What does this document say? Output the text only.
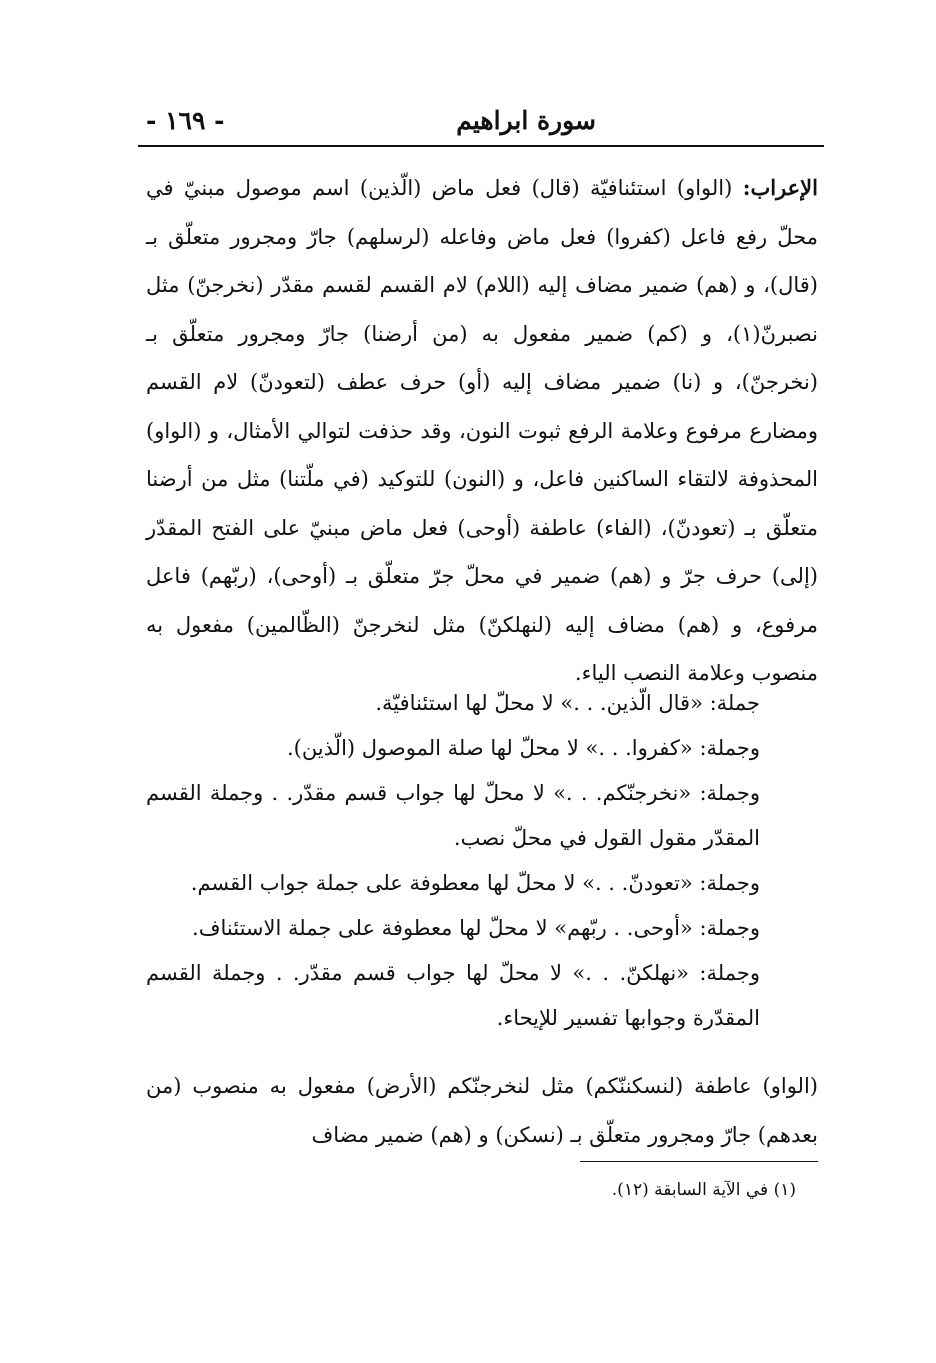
سورة ابراهيم
- ١٦٩ -

الإعراب: (الواو) استئنافيّة (قال) فعل ماض (الّذين) اسم موصول مبنيّ في محلّ رفع فاعل (كفروا) فعل ماض وفاعله (لرسلهم) جارّ ومجرور متعلّق بـ (قال)، و (هم) ضمير مضاف إليه (اللام) لام القسم لقسم مقدّر (نخرجنّ) مثل نصبرنّ(١)، و (كم) ضمير مفعول به (من أرضنا) جارّ ومجرور متعلّق بـ (نخرجنّ)، و (نا) ضمير مضاف إليه (أو) حرف عطف (لتعودنّ) لام القسم ومضارع مرفوع وعلامة الرفع ثبوت النون، وقد حذفت لتوالي الأمثال، و (الواو) المحذوفة لالتقاء الساكنين فاعل، و (النون) للتوكيد (في ملّتنا) مثل من أرضنا متعلّق بـ (تعودنّ)، (الفاء) عاطفة (أوحى) فعل ماض مبنيّ على الفتح المقدّر (إلى) حرف جرّ و (هم) ضمير في محلّ جرّ متعلّق بـ (أوحى)، (ربّهم) فاعل مرفوع، و (هم) مضاف إليه (لنهلكنّ) مثل لنخرجنّ (الظّالمين) مفعول به منصوب وعلامة النصب الياء.

جملة: «قال الّذين. . .» لا محلّ لها استئنافيّة.
وجملة: «كفروا. . .» لا محلّ لها صلة الموصول (الّذين).
وجملة: «نخرجنّكم. . .» لا محلّ لها جواب قسم مقدّر. . وجملة القسم المقدّر مقول القول في محلّ نصب.
وجملة: «تعودنّ. . .» لا محلّ لها معطوفة على جملة جواب القسم.
وجملة: «أوحى. . ربّهم» لا محلّ لها معطوفة على جملة الاستئناف.
وجملة: «نهلكنّ. . .» لا محلّ لها جواب قسم مقدّر. . وجملة القسم المقدّرة وجوابها تفسير للإيحاء.

(الواو) عاطفة (لنسكننّكم) مثل لنخرجنّكم (الأرض) مفعول به منصوب (من بعدهم) جارّ ومجرور متعلّق بـ (نسكن) و (هم) ضمير مضاف

(١) في الآية السابقة (١٢).
